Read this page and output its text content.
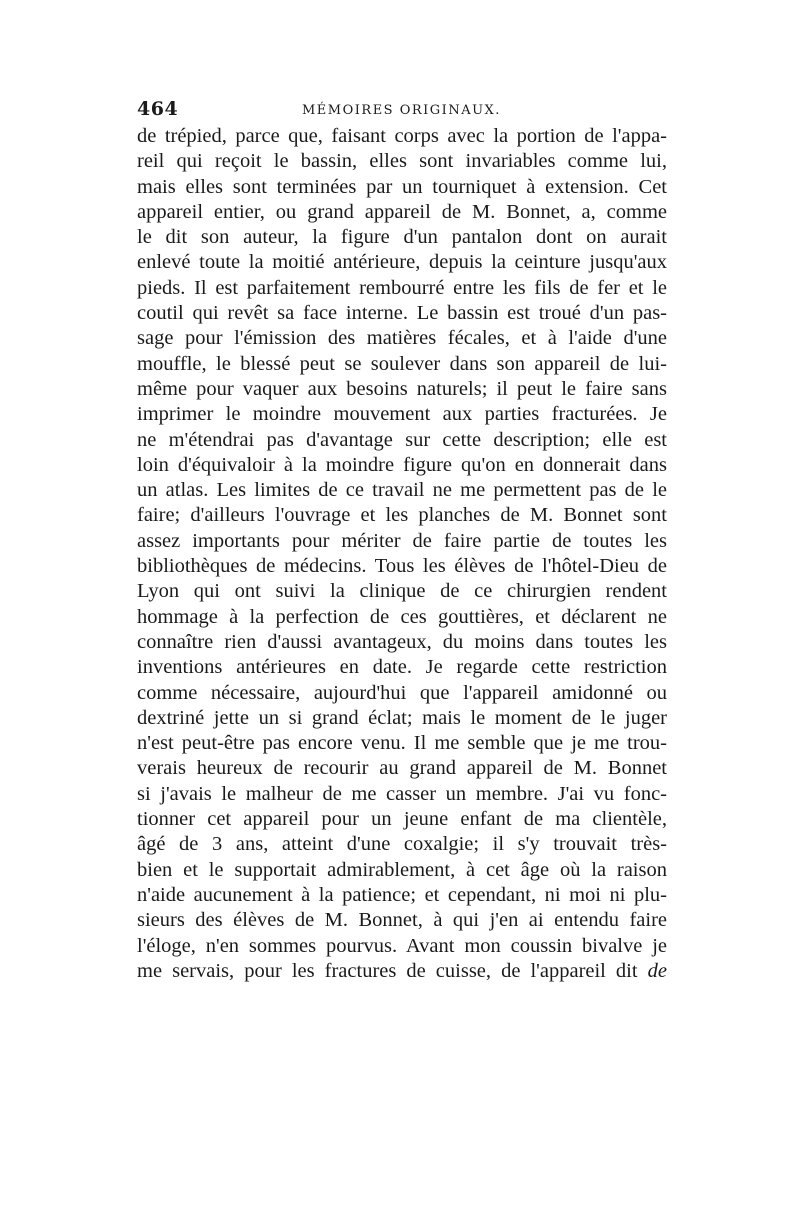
464	MÉMOIRES ORIGINAUX.
de trépied, parce que, faisant corps avec la portion de l'appa-
reil qui reçoit le bassin, elles sont invariables comme lui,
mais elles sont terminées par un tourniquet à extension. Cet
appareil entier, ou grand appareil de M. Bonnet, a, comme
le dit son auteur, la figure d'un pantalon dont on aurait
enlevé toute la moitié antérieure, depuis la ceinture jusqu'aux
pieds. Il est parfaitement rembourré entre les fils de fer et le
coutil qui revêt sa face interne. Le bassin est troué d'un pas-
sage pour l'émission des matières fécales, et à l'aide d'une
mouffle, le blessé peut se soulever dans son appareil de lui-
même pour vaquer aux besoins naturels; il peut le faire sans
imprimer le moindre mouvement aux parties fracturées. Je
ne m'étendrai pas d'avantage sur cette description; elle est
loin d'équivaloir à la moindre figure qu'on en donnerait dans
un atlas. Les limites de ce travail ne me permettent pas de le
faire; d'ailleurs l'ouvrage et les planches de M. Bonnet sont
assez importants pour mériter de faire partie de toutes les
bibliothèques de médecins. Tous les élèves de l'hôtel-Dieu de
Lyon qui ont suivi la clinique de ce chirurgien rendent
hommage à la perfection de ces gouttières, et déclarent ne
connaître rien d'aussi avantageux, du moins dans toutes les
inventions antérieures en date. Je regarde cette restriction
comme nécessaire, aujourd'hui que l'appareil amidonné ou
dextriné jette un si grand éclat; mais le moment de le juger
n'est peut-être pas encore venu. Il me semble que je me trou-
verais heureux de recourir au grand appareil de M. Bonnet
si j'avais le malheur de me casser un membre. J'ai vu fonc-
tionner cet appareil pour un jeune enfant de ma clientèle,
âgé de 3 ans, atteint d'une coxalgie; il s'y trouvait très-
bien et le supportait admirablement, à cet âge où la raison
n'aide aucunement à la patience; et cependant, ni moi ni plu-
sieurs des élèves de M. Bonnet, à qui j'en ai entendu faire
l'éloge, n'en sommes pourvus. Avant mon coussin bivalve je
me servais, pour les fractures de cuisse, de l'appareil dit de
